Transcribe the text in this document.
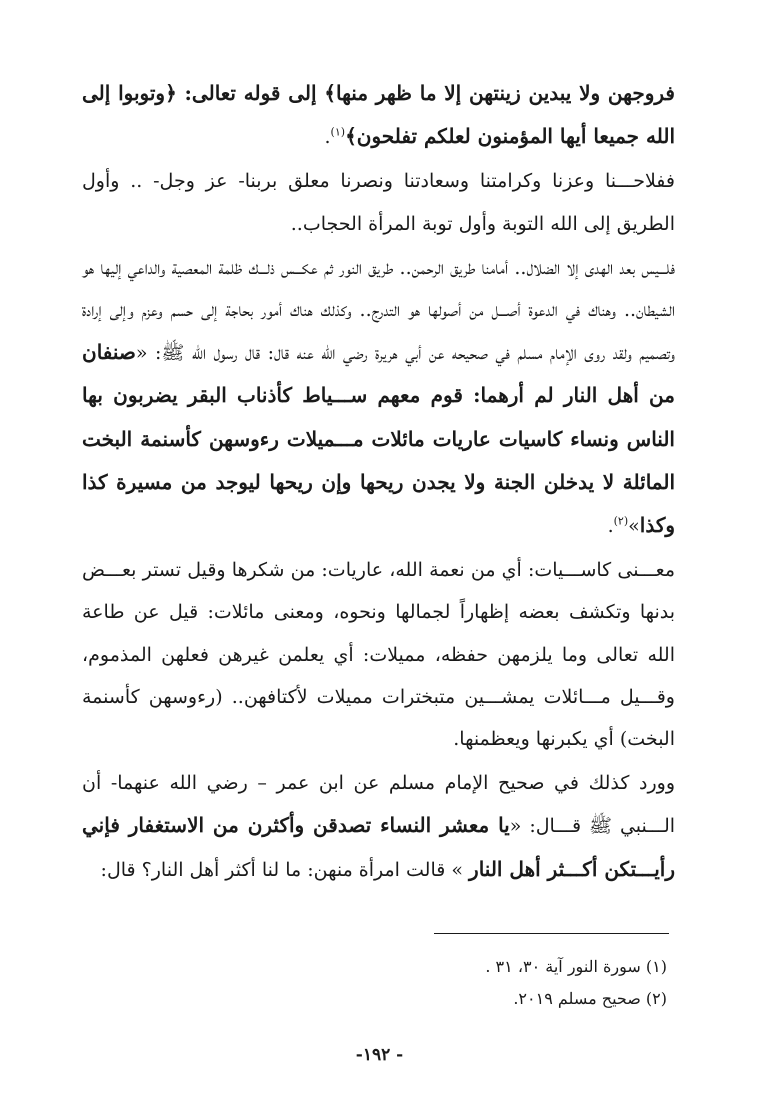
فروجهن ولا يبدين زينتهن إلا ما ظهر منها﴾ إلى قوله تعالى: ﴿وتوبوا إلى الله جميعا أيها المؤمنون لعلكم تفلحون﴾$^{(١)}$.

ففلاحـــنا وعزنا وكرامتنا وسعادتنا ونصرنا معلق بربنا- عز وجل- .. وأول الطريق إلى الله التوبة وأول توبة المرأة الحجاب..

فلـــيس بعد الهدى إلا الضلال.. أمامنا طريق الرحمن.. طريق النور ثم عكـــس ذلـــك ظلمة المعصية والداعي إليها هو الشيطان.. وهناك في الدعوة أصـــل من أصولها هو التدرج.. وكذلك هناك أمور بحاجة إلى حسم وعزم وإلى إرادة وتصميم ولقد روى الإمام مسلم في صحيحه عن أبي هريرة رضي الله عنه قال: قال رسول الله ﷺ: «صنفان من أهل النار لم أرهما: قوم معهم ســـياط كأذناب البقر يضربون بها الناس ونساء كاسيات عاريات مائلات مـــميلات رءوسهن كأسنمة البخت المائلة لا يدخلن الجنة ولا يجدن ريحها وإن ريحها ليوجد من مسيرة كذا وكذا»$^{(٢)}$.

معـــنى كاســـيات: أي من نعمة الله، عاريات: من شكرها وقيل تستر بعـــض بدنها وتكشف بعضه إظهاراً لجمالها ونحوه، ومعنى مائلات: قيل عن طاعة الله تعالى وما يلزمهن حفظه، مميلات: أي يعلمن غيرهن فعلهن المذموم، وقـــيل مـــائلات يمشـــين متبخترات مميلات لأكتافهن.. (رءوسهن كأسنمة البخت) أي يكبرنها ويعظمنها.

وورد كذلك في صحيح الإمام مسلم عن ابن عمر – رضي الله عنهما- أن الـــنبي ﷺ قـــال: «يا معشر النساء تصدقن وأكثرن من الاستغفار فإني رأيـــتكن أكـــثر أهل النار » قالت امرأة منهن: ما لنا أكثر أهل النار؟ قال:

(١) سورة النور آية ٣٠، ٣١ .

(٢) صحيح مسلم ٢٠١٩.

- ١٩٢-
